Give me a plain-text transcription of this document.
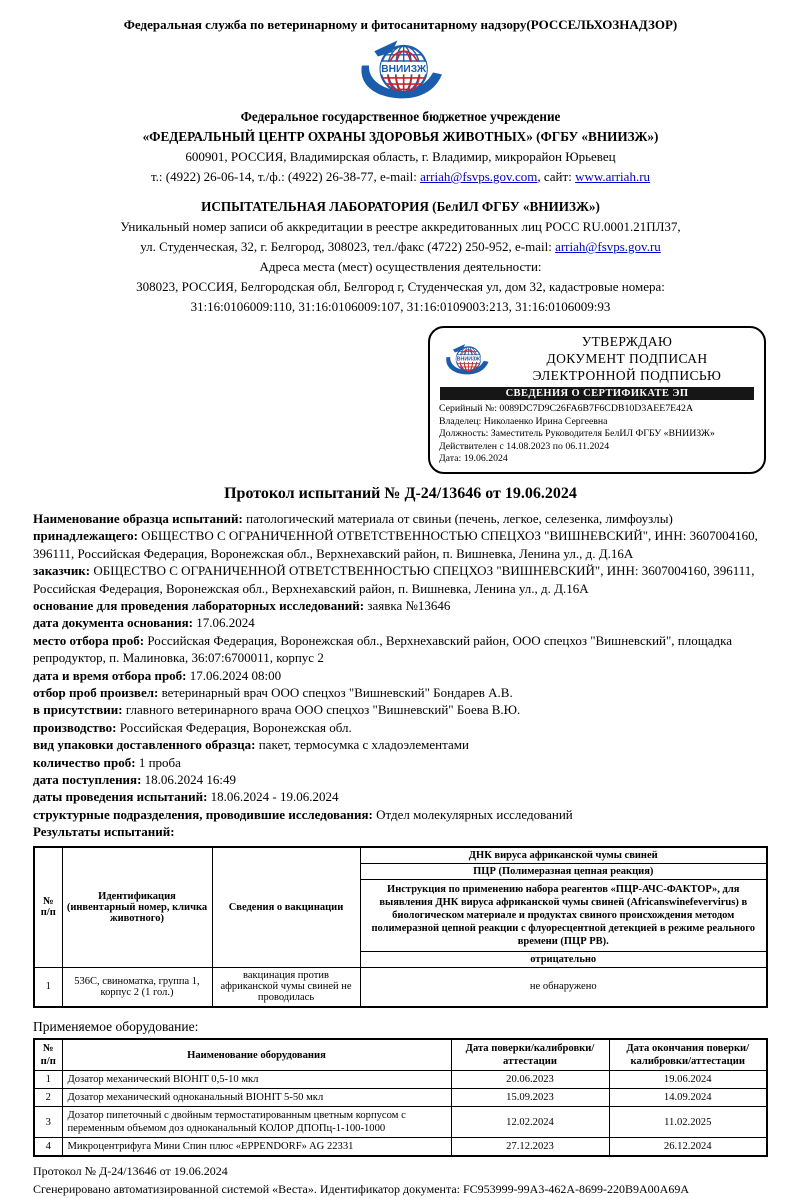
Федеральная служба по ветеринарному и фитосанитарному надзору(РОССЕЛЬХОЗНАДЗОР)
Федеральное государственное бюджетное учреждение
«ФЕДЕРАЛЬНЫЙ ЦЕНТР ОХРАНЫ ЗДОРОВЬЯ ЖИВОТНЫХ» (ФГБУ «ВНИИЗЖ»)
600901, РОССИЯ, Владимирская область, г. Владимир, микрорайон Юрьевец
т.: (4922) 26-06-14, т./ф.: (4922) 26-38-77, e-mail: arriah@fsvps.gov.com, сайт: www.arriah.ru
ИСПЫТАТЕЛЬНАЯ ЛАБОРАТОРИЯ (БелИЛ ФГБУ «ВНИИЗЖ»)
Уникальный номер записи об аккредитации в реестре аккредитованных лиц РОСС RU.0001.21ПЛ37,
ул. Студенческая, 32, г. Белгород, 308023, тел./факс (4722) 250-952, e-mail: arriah@fsvps.gov.ru
Адреса места (мест) осуществления деятельности:
308023, РОССИЯ, Белгородская обл, Белгород г, Студенческая ул, дом 32, кадастровые номера:
31:16:0106009:110, 31:16:0106009:107, 31:16:0109003:213, 31:16:0106009:93
УТВЕРЖДАЮ
ДОКУМЕНТ ПОДПИСАН
ЭЛЕКТРОННОЙ ПОДПИСЬЮ
СВЕДЕНИЯ О СЕРТИФИКАТЕ ЭП
Серийный №: 0089DC7D9C26FA6B7F6CDB10D3AEE7E42A
Владелец: Николаенко Ирина Сергеевна
Должность: Заместитель Руководителя БелИЛ ФГБУ «ВНИИЗЖ»
Действителен с 14.08.2023 по 06.11.2024
Дата: 19.06.2024
Протокол испытаний № Д-24/13646 от 19.06.2024

Наименование образца испытаний: патологический материала от свиньи (печень, легкое, селезенка, лимфоузлы)

принадлежащего: ОБЩЕСТВО С ОГРАНИЧЕННОЙ ОТВЕТСТВЕННОСТЬЮ СПЕЦХОЗ "ВИШНЕВСКИЙ", ИНН: 3607004160, 396111, Российская Федерация, Воронежская обл., Верхнехавский район, п. Вишневка, Ленина ул., д. Д.16А

заказчик: ОБЩЕСТВО С ОГРАНИЧЕННОЙ ОТВЕТСТВЕННОСТЬЮ СПЕЦХОЗ "ВИШНЕВСКИЙ", ИНН: 3607004160, 396111, Российская Федерация, Воронежская обл., Верхнехавский район, п. Вишневка, Ленина ул., д. Д.16А

основание для проведения лабораторных исследований: заявка №13646

дата документа основания: 17.06.2024

место отбора проб: Российская Федерация, Воронежская обл., Верхнехавский район, ООО спецхоз "Вишневский", площадка репродуктор, п. Малиновка, 36:07:6700011, корпус 2

дата и время отбора проб: 17.06.2024 08:00

отбор проб произвел: ветеринарный врач ООО спецхоз "Вишневский" Бондарев А.В.

в присутствии: главного ветеринарного врача ООО спецхоз "Вишневский" Боева В.Ю.

производство: Российская Федерация, Воронежская обл.

вид упаковки доставленного образца: пакет, термосумка с хладоэлементами

количество проб: 1 проба

дата поступления: 18.06.2024 16:49

даты проведения испытаний: 18.06.2024 - 19.06.2024

структурные подразделения, проводившие исследования: Отдел молекулярных исследований

Результаты испытаний:

№ п/п	Идентификация (инвентарный номер, кличка животного)	Сведения о вакцинации	ДНК вируса африканской чумы свиней
			ПЦР (Полимеразная цепная реакция)
			Инструкция по применению набора реагентов «ПЦР-АЧС-ФАКТОР», для выявления ДНК вируса африканской чумы свиней (Africanswinefevervirus) в биологическом материале и продуктах свиного происхождения методом полимеразной цепной реакции с флуоресцентной детекцией в режиме реального времени (ПЦР РВ).
			отрицательно
1	536C, свиноматка, группа 1, корпус 2 (1 гол.)	вакцинация против африканской чумы свиней не проводилась	не обнаружено
Применяемое оборудование:
№ п/п	Наименование оборудования	Дата поверки/калибровки/аттестации	Дата окончания поверки/калибровки/аттестации
1	Дозатор механический BIOHIT 0,5-10 мкл	20.06.2023	19.06.2024
2	Дозатор механический одноканальный BIOHIT 5-50 мкл	15.09.2023	14.09.2024
3	Дозатор пипеточный с двойным термостатированным цветным корпусом с переменным объемом доз одноканальный КОЛОР ДПОПц-1-100-1000	12.02.2024	11.02.2025
4	Микроцентрифуга Мини Спин плюс «EPPENDORF» AG 22331	27.12.2023	26.12.2024

Протокол № Д-24/13646 от 19.06.2024

Сгенерировано автоматизированной системой «Веста». Идентификатор документа: FC953999-99A3-462A-8699-220B9A00A69A
